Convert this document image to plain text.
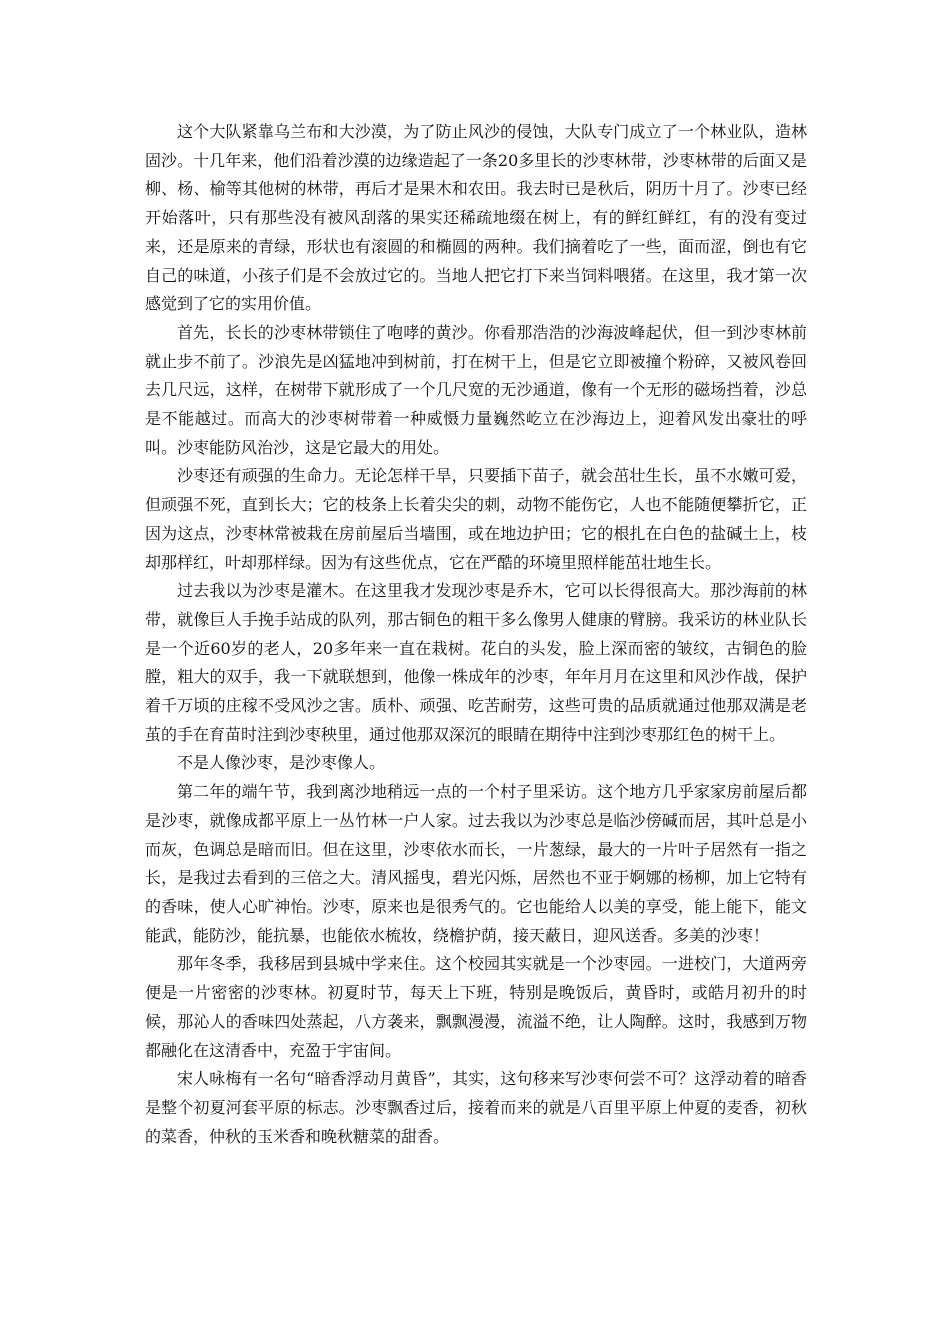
这个大队紧靠乌兰布和大沙漠，为了防止风沙的侵蚀，大队专门成立了一个林业队，造林固沙。十几年来，他们沿着沙漠的边缘造起了一条20多里长的沙枣林带，沙枣林带的后面又是柳、杨、榆等其他树的林带，再后才是果木和农田。我去时已是秋后，阴历十月了。沙枣已经开始落叶，只有那些没有被风刮落的果实还稀疏地缀在树上，有的鲜红鲜红，有的没有变过来，还是原来的青绿，形状也有滚圆的和椭圆的两种。我们摘着吃了一些，面而涩，倒也有它自己的味道，小孩子们是不会放过它的。当地人把它打下来当饲料喂猪。在这里，我才第一次感觉到了它的实用价值。

首先，长长的沙枣林带锁住了咆哮的黄沙。你看那浩浩的沙海波峰起伏，但一到沙枣林前就止步不前了。沙浪先是凶猛地冲到树前，打在树干上，但是它立即被撞个粉碎，又被风卷回去几尺远，这样，在树带下就形成了一个几尺宽的无沙通道，像有一个无形的磁场挡着，沙总是不能越过。而高大的沙枣树带着一种威慑力量巍然屹立在沙海边上，迎着风发出豪壮的呼叫。沙枣能防风治沙，这是它最大的用处。

沙枣还有顽强的生命力。无论怎样干旱，只要插下苗子，就会茁壮生长，虽不水嫩可爱，但顽强不死，直到长大；它的枝条上长着尖尖的刺，动物不能伤它，人也不能随便攀折它，正因为这点，沙枣林常被栽在房前屋后当墙围，或在地边护田；它的根扎在白色的盐碱土上，枝却那样红，叶却那样绿。因为有这些优点，它在严酷的环境里照样能茁壮地生长。

过去我以为沙枣是灌木。在这里我才发现沙枣是乔木，它可以长得很高大。那沙海前的林带，就像巨人手挽手站成的队列，那古铜色的粗干多么像男人健康的臂膀。我采访的林业队长是一个近60岁的老人，20多年来一直在栽树。花白的头发，脸上深而密的皱纹，古铜色的脸膛，粗大的双手，我一下就联想到，他像一株成年的沙枣，年年月月在这里和风沙作战，保护着千万顷的庄稼不受风沙之害。质朴、顽强、吃苦耐劳，这些可贵的品质就通过他那双满是老茧的手在育苗时注到沙枣秧里，通过他那双深沉的眼睛在期待中注到沙枣那红色的树干上。

不是人像沙枣，是沙枣像人。

第二年的端午节，我到离沙地稍远一点的一个村子里采访。这个地方几乎家家房前屋后都是沙枣，就像成都平原上一丛竹林一户人家。过去我以为沙枣总是临沙傍碱而居，其叶总是小而灰，色调总是暗而旧。但在这里，沙枣依水而长，一片葱绿，最大的一片叶子居然有一指之长，是我过去看到的三倍之大。清风摇曳，碧光闪烁，居然也不亚于婀娜的杨柳，加上它特有的香味，使人心旷神怡。沙枣，原来也是很秀气的。它也能给人以美的享受，能上能下，能文能武，能防沙，能抗暴，也能依水梳妆，绕檐护荫，接天蔽日，迎风送香。多美的沙枣！

那年冬季，我移居到县城中学来住。这个校园其实就是一个沙枣园。一进校门，大道两旁便是一片密密的沙枣林。初夏时节，每天上下班，特别是晚饭后，黄昏时，或皓月初升的时候，那沁人的香味四处蒸起，八方袭来，飘飘漫漫，流溢不绝，让人陶醉。这时，我感到万物都融化在这清香中，充盈于宇宙间。

宋人咏梅有一名句“暗香浮动月黄昏”，其实，这句移来写沙枣何尝不可？这浮动着的暗香是整个初夏河套平原的标志。沙枣飘香过后，接着而来的就是八百里平原上仲夏的麦香，初秋的菜香，仲秋的玉米香和晚秋糖菜的甜香。
